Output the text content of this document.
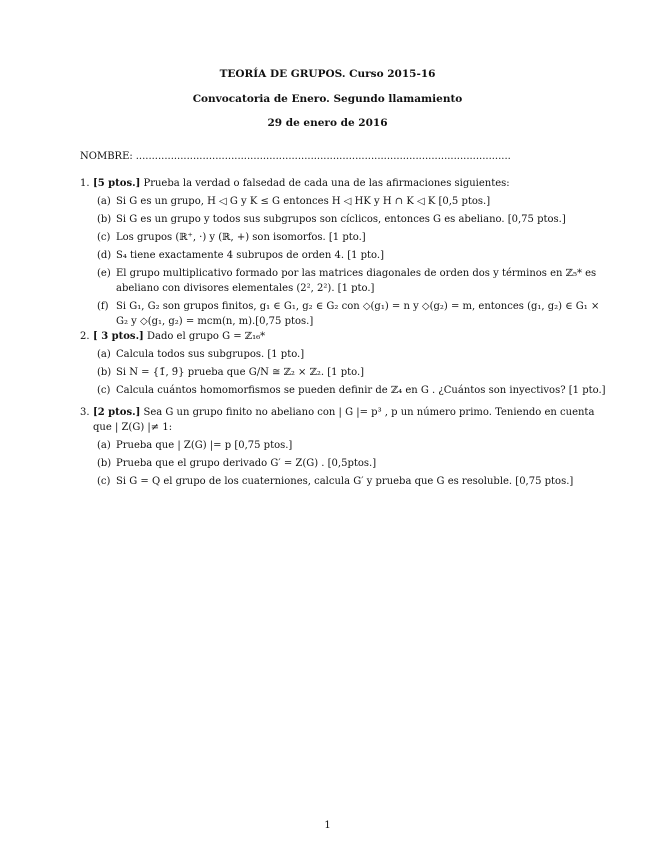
TEORÍA DE GRUPOS. Curso 2015-16
Convocatoria de Enero. Segundo llamamiento
29 de enero de 2016
NOMBRE: ......................................................................................................................
1. [5 ptos.] Prueba la verdad o falsedad de cada una de las afirmaciones siguientes:
(a) Si G es un grupo, H ◁ G y K ≤ G entonces H ◁ HK y H ∩ K ◁ K [0,5 ptos.]
(b) Si G es un grupo y todos sus subgrupos son cíclicos, entonces G es abeliano. [0,75 ptos.]
(c) Los grupos (ℝ⁺, ·) y (ℝ, +) son isomorfos. [1 pto.]
(d) S₄ tiene exactamente 4 subrupos de orden 4. [1 pto.]
(e) El grupo multiplicativo formado por las matrices diagonales de orden dos y términos en ℤ₅* es abeliano con divisores elementales (2², 2²). [1 pto.]
(f) Si G₁, G₂ son grupos finitos, g₁ ∈ G₁, g₂ ∈ G₂ con ◇(g₁) = n y ◇(g₂) = m, entonces (g₁, g₂) ∈ G₁ × G₂ y ◇(g₁, g₂) = mcm(n, m).[0,75 ptos.]
2. [ 3 ptos.] Dado el grupo G = ℤ₁₆*
(a) Calcula todos sus subgrupos. [1 pto.]
(b) Si N = {1̄, 9̄} prueba que G/N ≅ ℤ₂ × ℤ₂. [1 pto.]
(c) Calcula cuántos homomorfismos se pueden definir de ℤ₄ en G . ¿Cuántos son inyectivos? [1 pto.]
3. [2 ptos.] Sea G un grupo finito no abeliano con | G |= p³ , p un número primo. Teniendo en cuenta que | Z(G) |≠ 1:
(a) Prueba que | Z(G) |= p [0,75 ptos.]
(b) Prueba que el grupo derivado G′ = Z(G) . [0,5ptos.]
(c) Si G = Q el grupo de los cuaterniones, calcula G′ y prueba que G es resoluble. [0,75 ptos.]
1
